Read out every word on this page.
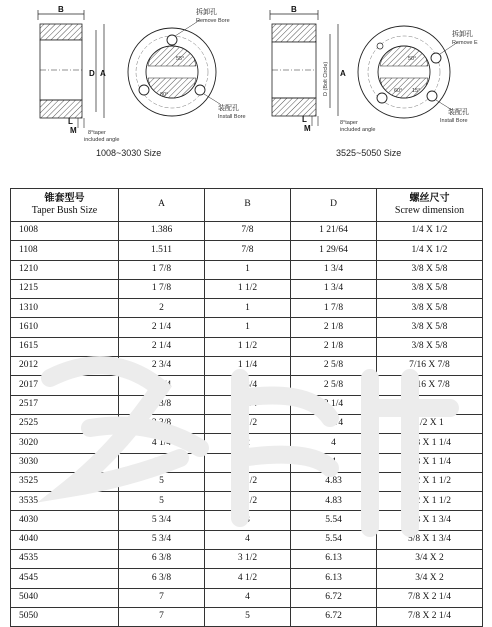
B
D A
L
M 8°taper
included angle
55°
80°
拆卸孔
Remove Bore
装配孔
Install Bore
B
D (Bolt Circle) A
L
M
8°taper
included angle
50°
60° 15°
拆卸孔
Remove E
装配孔
Install Bore
1008~3030 Size	3525~5050 Size
锥套型号
Taper Bush Size	A	B	D	螺丝尺寸
Screw dimension

1008	1.386	7/8	1 21/64	1/4 X 1/2
1108	1.511	7/8	1 29/64	1/4 X 1/2
1210	1 7/8	1	1 3/4	3/8 X 5/8
1215	1 7/8	1 1/2	1 3/4	3/8 X 5/8
1310	2	1	1 7/8	3/8 X 5/8
1610	2 1/4	1	2 1/8	3/8 X 5/8
1615	2 1/4	1 1/2	2 1/8	3/8 X 5/8
2012	2 3/4	1 1/4	2 5/8	7/16 X 7/8
2017	2 3/4	1 3/4	2 5/8	7/16 X 7/8
2517	3 3/8	1 3/4	3 1/4	1/2 X 1
2525	3 3/8	2 1/2	3 1/4	1/2 X 1
3020	4 1/4	2	4	5/8 X 1 1/4
3030	4 1/4	3	4	5/8 X 1 1/4
3525	5	2 1/2	4.83	1/2 X 1 1/2
3535	5	3 1/2	4.83	1/2 X 1 1/2
4030	5 3/4	3	5.54	5/8 X 1 3/4
4040	5 3/4	4	5.54	5/8 X 1 3/4
4535	6 3/8	3 1/2	6.13	3/4 X 2
4545	6 3/8	4 1/2	6.13	3/4 X 2
5040	7	4	6.72	7/8 X 2 1/4
5050	7	5	6.72	7/8 X 2 1/4
